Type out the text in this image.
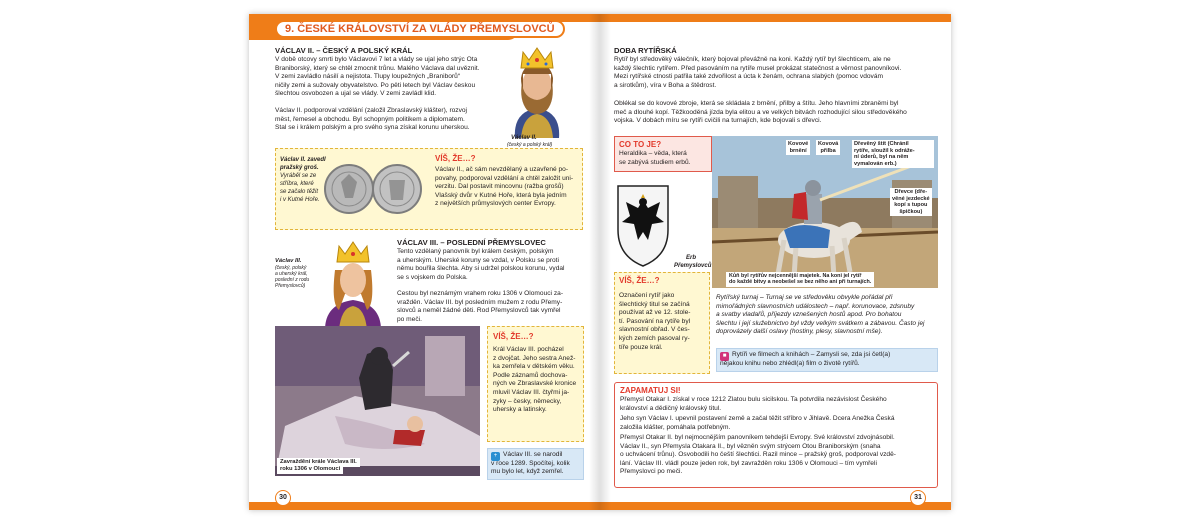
9. ČESKÉ KRÁLOVSTVÍ ZA VLÁDY PŘEMYSLOVCŮ
VÁCLAV II. – ČESKÝ A POLSKÝ KRÁL
V době otcovy smrti bylo Václavovi 7 let a vlády se ujal jeho strýc Ota
Braniborský, který se chtěl zmocnit trůnu. Malého Václava dal uvěznit.
V zemi zavládlo násilí a nejistota. Tlupy loupežných „Braniborů“
ničily zemi a sužovaly obyvatelstvo. Po pěti letech byl Václav českou
šlechtou osvobozen a ujal se vlády. V zemi zavládl klid.
Václav II. podporoval vzdělání (založil Zbraslavský klášter), rozvoj
měst, řemesel a obchodu. Byl schopným politikem a diplomatem.
Stal se i králem polským a pro svého syna získal korunu uherskou.
Václav II.
(český a polský král)
Václav II. zavedl
pražský groš.
Vyráběl se ze
stříbra, které
se začalo těžit
i v Kutné Hoře.
VÍŠ, ŽE…?
Václav II., ač sám nevzdělaný a uzavřené po-
povahy, podporoval vzdělání a chtěl založit uni-
verzitu. Dal postavit mincovnu (ražba grošů)
Vlašský dvůr v Kutné Hoře, která byla jedním
z největších průmyslových center Evropy.
VÁCLAV III. – POSLEDNÍ PŘEMYSLOVEC
Tento vzdělaný panovník byl králem českým, polským
a uherským. Uherské koruny se vzdal, v Polsku se proti
němu bouřila šlechta. Aby si udržel polskou korunu, vydal
se s vojskem do Polska.
Cestou byl neznámým vrahem roku 1306 v Olomouci za-
vražděn. Václav III. byl posledním mužem z rodu Přemy-
slovců a neměl žádné děti. Rod Přemyslovců tak vymřel
po meči.
Václav III.
(český, polský
a uherský král,
poslední z rodu
Přemyslovců)
Zavraždění krále Václava III.
roku 1306 v Olomouci
VÍŠ, ŽE…?
Král Václav III. pocházel
z dvojčat. Jeho sestra Anež-
ka zemřela v dětském věku.
Podle záznamů dochova-
ných ve Zbraslavské kronice
mluvil Václav III. čtyřmi ja-
zyky – česky, německy,
uhersky a latinsky.
+ Václav III. se narodil
v roce 1289. Spočítej, kolik
mu bylo let, když zemřel.
30
DOBA RYTÍŘSKÁ
Rytíř byl středověký válečník, který bojoval převážně na koni. Každý rytíř byl šlechticem, ale ne
každý šlechtic rytířem. Před pasováním na rytíře musel prokázat statečnost a věrnost panovníkovi.
Mezi rytířské ctnosti patřila také zdvořilost a úcta k ženám, ochrana slabých (pomoc vdovám
a sirotkům), víra v Boha a štědrost.
Oblékal se do kovové zbroje, která se skládala z brnění, přilby a štítu. Jeho hlavními zbraněmi byl
meč a dlouhé kopí. Těžkooděná jízda byla elitou a ve velkých bitvách rozhodující silou středověkého
vojska. V dobách míru se rytíři cvičili na turnajích, kde bojovali s dřevci.
CO TO JE?
Heraldika – věda, která
se zabývá studiem erbů.
Erb
Přemyslovců
Kovové
brnění
Kovová
přilba
Dřevěný štít (Chránil
rytíře, sloužil k odráže-
ní úderů, byl na něm
vymalován erb.)
Dřevce (dře-
věné jezdecké
kopí s tupou
špičkou)
Kůň byl rytířův nejcennější majetek. Na koni jel rytíř
do každé bitvy a neobešel se bez něho ani při turnajích.
VÍŠ, ŽE…?
Označení rytíř jako
šlechtický titul se začíná
používat až ve 12. stole-
tí. Pasování na rytíře byl
slavnostní obřad. V čes-
kých zemích pasoval ry-
tíře pouze král.
Rytířský turnaj – Turnaj se ve středověku obvykle pořádal při
mimořádných slavnostních událostech – např. korunovace, zdsnuby
a svatby vladařů, příjezdy vznešených hostů apod. Pro bohatou
šlechtu i její služebnictvo byl vždy velkým svátkem a zábavou. Často jej
doprovázely další oslavy (hostiny, plesy, slavnostní mše).
■ Rytíři ve filmech a knihách – Zamysli se, zda jsi četl(a)
nějakou knihu nebo zhlédl(a) film o životě rytířů.
ZAPAMATUJ SI!
Přemysl Otakar I. získal v roce 1212 Zlatou bulu sicilskou. Ta potvrdila nezávislost Českého
království a dědičný královský titul.
Jeho syn Václav I. upevnil postavení země a začal těžit stříbro v Jihlavě. Dcera Anežka Česká
založila klášter, pomáhala potřebným.
Přemysl Otakar II. byl nejmocnějším panovníkem tehdejší Evropy. Své království zdvojnásobil.
Václav II., syn Přemysla Otakara II., byl vězněn svým strýcem Otou Braniborským (snaha
o uchvácení trůnu). Osvobodili ho čeští šlechtici. Razil mince – pražský groš, podporoval vzdě-
lání. Václav III. vládl pouze jeden rok, byl zavražděn roku 1306 v Olomouci – tím vymřeli
Přemyslovci po meči.
31
